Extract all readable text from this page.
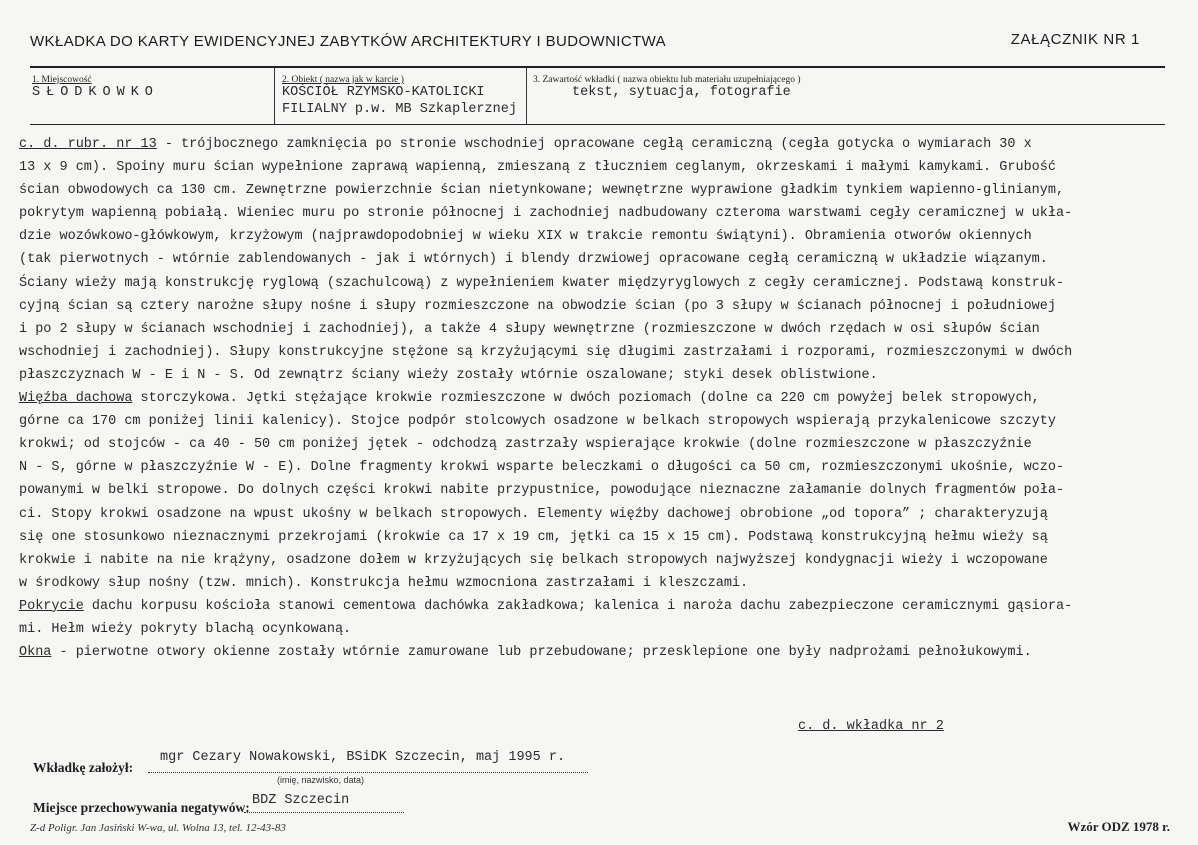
WKŁADKA DO KARTY EWIDENCYJNEJ ZABYTKÓW ARCHITEKTURY I BUDOWNICTWA	ZAŁĄCZNIK NR 1
1. Miejscowość
SŁODKOWKO
2. Obiekt ( nazwa jak w karcie )
KOŚCIÓŁ RZYMSKO-KATOLICKI
FILIALNY p.w. MB Szkaplerznej
3. Zawartość wkładki ( nazwa obiektu lub materiału uzupełniającego )
tekst, sytuacja, fotografie
c. d. rubr. nr 13 - trójbocznego zamknięcia po stronie wschodniej opracowane cegłą ceramiczną (cegła gotycka o wymiarach 30 x
13 x 9 cm). Spoiny muru ścian wypełnione zaprawą wapienną, zmieszaną z tłuczniem ceglanym, okrzeskami i małymi kamykami. Grubość
ścian obwodowych ca 130 cm. Zewnętrzne powierzchnie ścian nietynkowane; wewnętrzne wyprawione gładkim tynkiem wapienno-glinianym,
pokrytym wapienną pobiałą. Wieniec muru po stronie północnej i zachodniej nadbudowany czteroma warstwami cegły ceramicznej w ukła-
dzie wozówkowo-główkowym, krzyżowym (najprawdopodobniej w wieku XIX w trakcie remontu świątyni). Obramienia otworów okiennych
(tak pierwotnych - wtórnie zablendowanych - jak i wtórnych) i blendy drzwiowej opracowane cegłą ceramiczną w układzie wiązanym.
Ściany wieży mają konstrukcję ryglową (szachulcową) z wypełnieniem kwater międzyryglowych z cegły ceramicznej. Podstawą konstruk-
cyjną ścian są cztery narożne słupy nośne i słupy rozmieszczone na obwodzie ścian (po 3 słupy w ścianach północnej i południowej
i po 2 słupy w ścianach wschodniej i zachodniej), a także 4 słupy wewnętrzne (rozmieszczone w dwóch rzędach w osi słupów ścian
wschodniej i zachodniej). Słupy konstrukcyjne stężone są krzyżującymi się długimi zastrzałami i rozporami, rozmieszczonymi w dwóch
płaszczyznach W - E i N - S. Od zewnątrz ściany wieży zostały wtórnie oszalowane; styki desek oblistwione.
Więźba dachowa storczykowa. Jętki stężające krokwie rozmieszczone w dwóch poziomach (dolne ca 220 cm powyżej belek stropowych,
górne ca 170 cm poniżej linii kalenicy). Stojce podpór stolcowych osadzone w belkach stropowych wspierają przykalenicowe szczyty
krokwi; od stojców - ca 40 - 50 cm poniżej jętek - odchodzą zastrzały wspierające krokwie (dolne rozmieszczone w płaszczyźnie
N - S, górne w płaszczyźnie W - E). Dolne fragmenty krokwi wsparte beleczkami o długości ca 50 cm, rozmieszczonymi ukośnie, wczo-
powanymi w belki stropowe. Do dolnych części krokwi nabite przypustnice, powodujące nieznaczne załamanie dolnych fragmentów poła-
ci. Stopy krokwi osadzone na wpust ukośny w belkach stropowych. Elementy więźby dachowej obrobione „od topora” ; charakteryzują
się one stosunkowo nieznacznymi przekrojami (krokwie ca 17 x 19 cm, jętki ca 15 x 15 cm). Podstawą konstrukcyjną hełmu wieży są
krokwie i nabite na nie krążyny, osadzone dołem w krzyżujących się belkach stropowych najwyższej kondygnacji wieży i wczopowane
w środkowy słup nośny (tzw. mnich). Konstrukcja hełmu wzmocniona zastrzałami i kleszczami.
Pokrycie dachu korpusu kościoła stanowi cementowa dachówka zakładkowa; kalenica i naroża dachu zabezpieczone ceramicznymi gąsiora-
mi. Hełm wieży pokryty blachą ocynkowaną.
Okna - pierwotne otwory okienne zostały wtórnie zamurowane lub przebudowane; przesklepione one były nadprożami pełnołukowymi.
c. d. wkładka nr 2
Wkładkę założył:
mgr Cezary Nowakowski, BSiDK Szczecin, maj 1995 r.
(imię, nazwisko, data)
Miejsce przechowywania negatywów: BDZ Szczecin
Z-d Poligr. Jan Jasiński W-wa, ul. Wolna 13, tel. 12-43-83	Wzór ODZ 1978 r.
